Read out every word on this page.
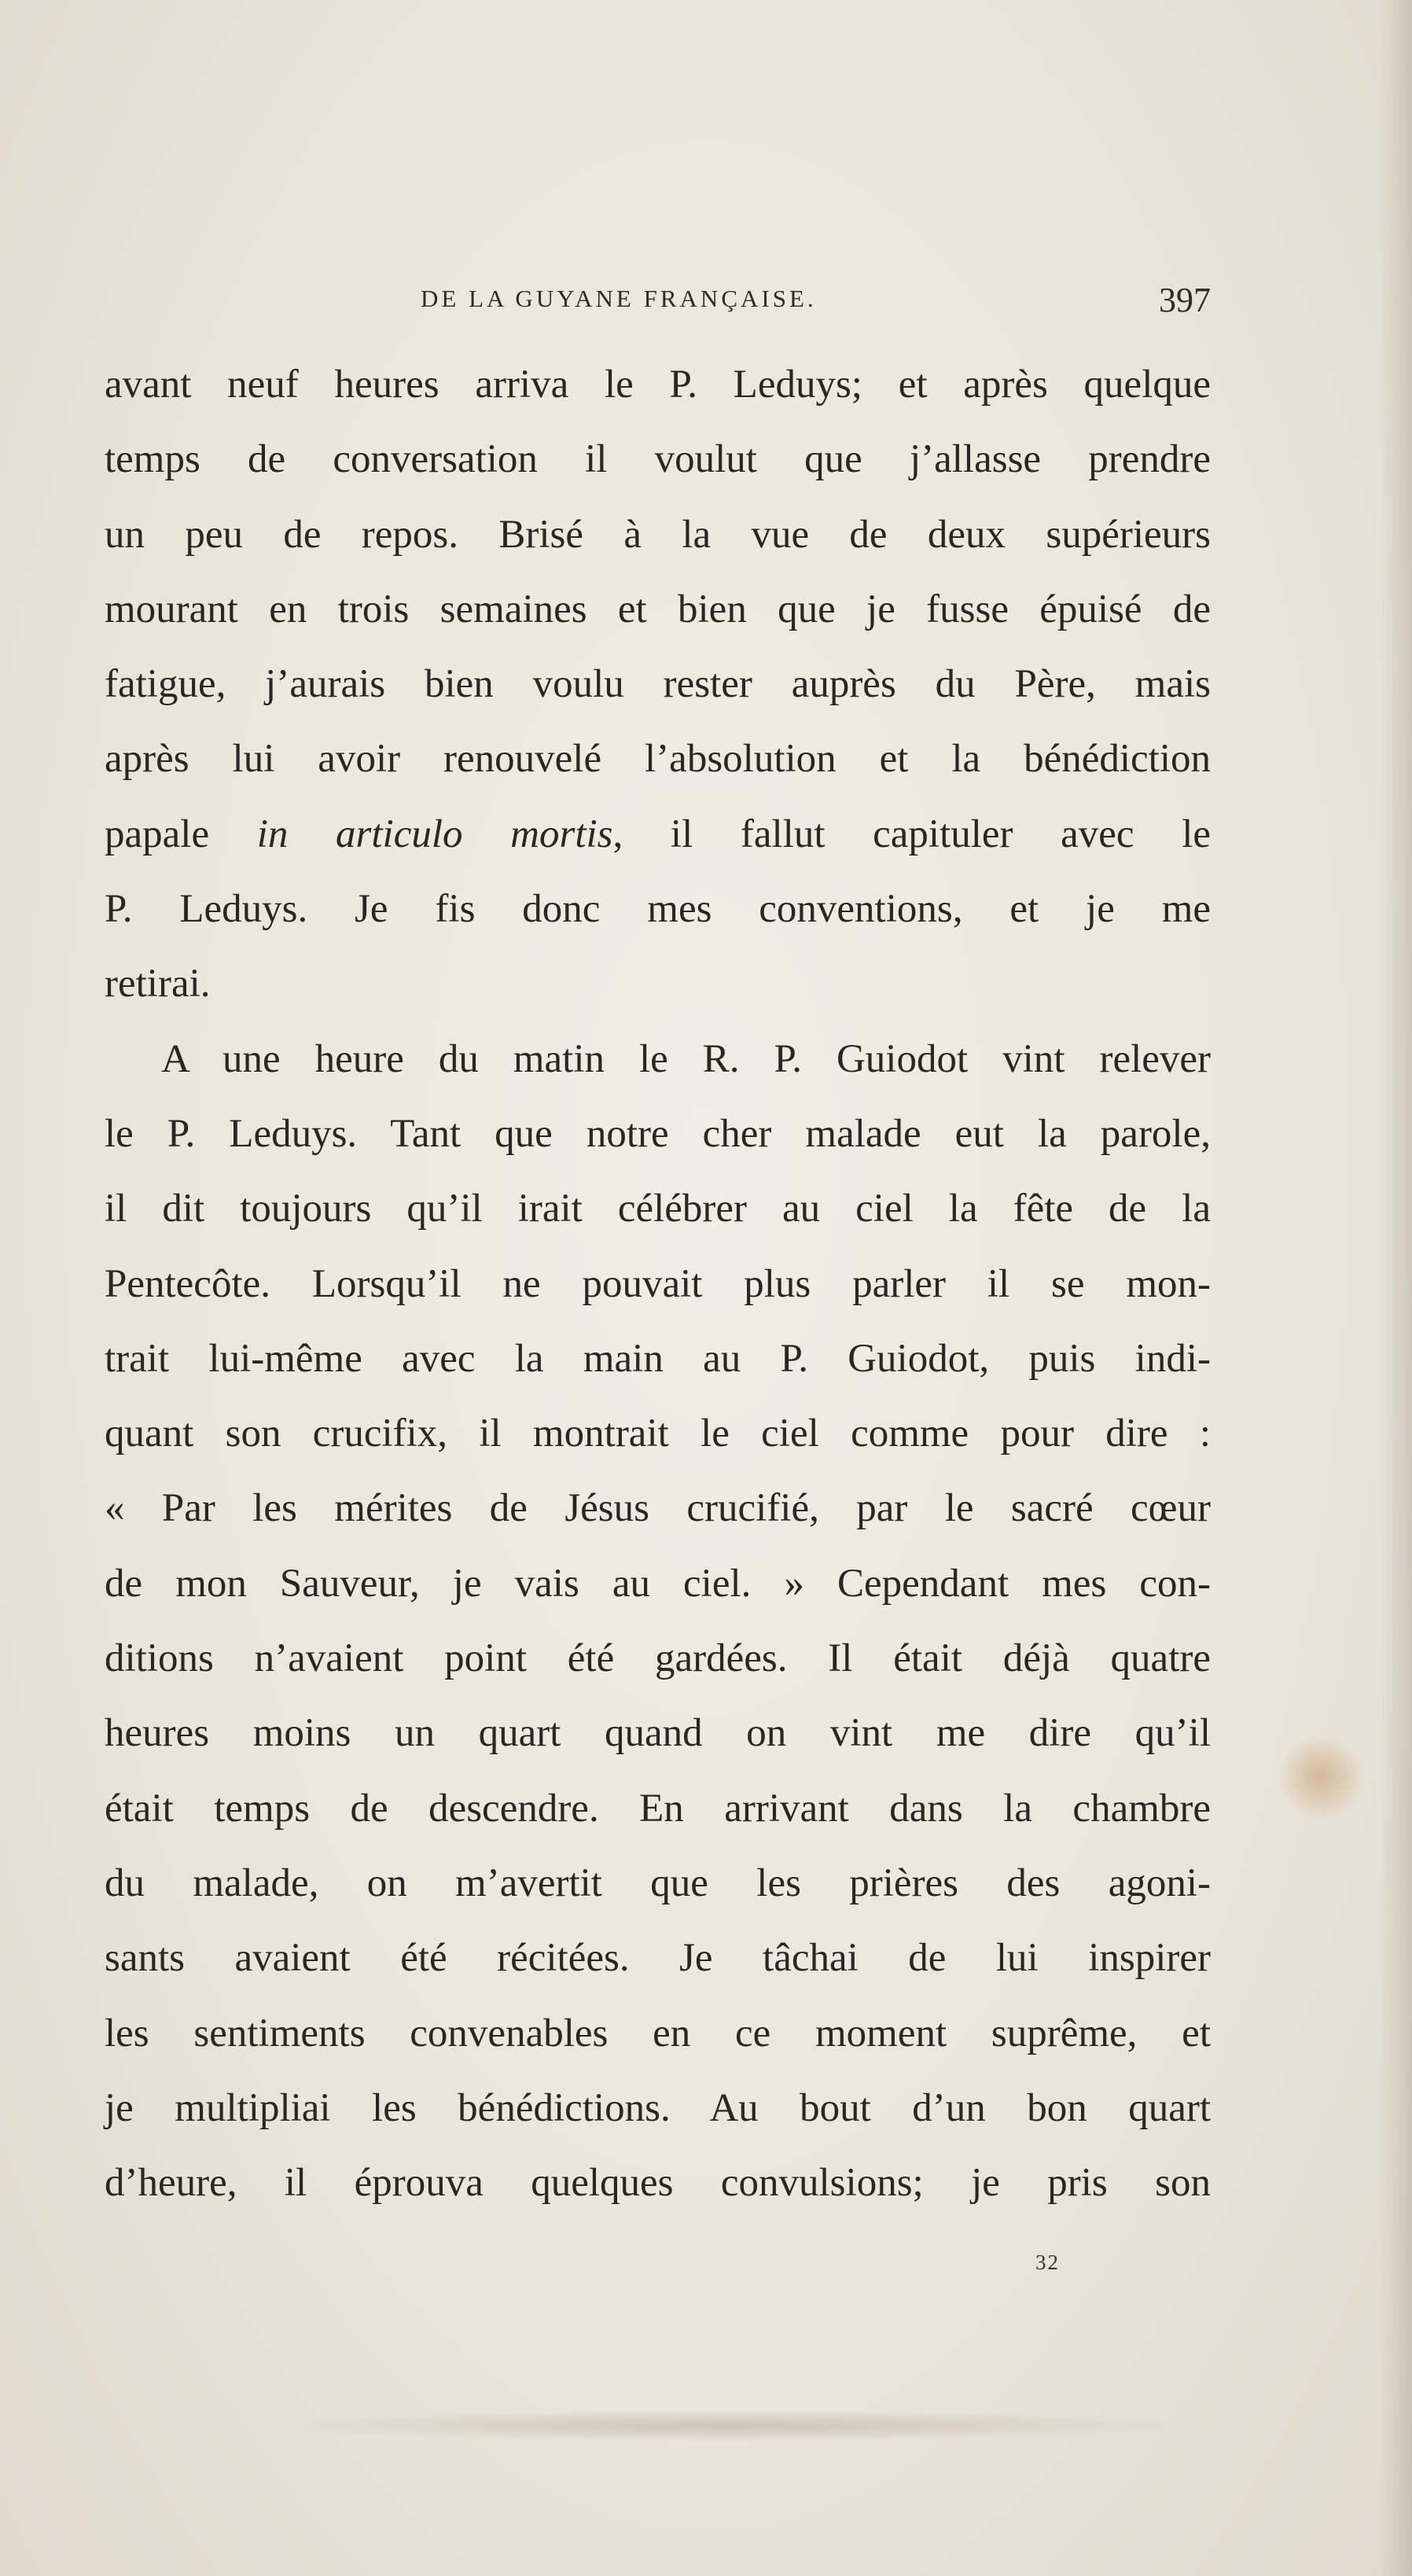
DE LA GUYANE FRANÇAISE.	397
avant neuf heures arriva le P. Leduys; et après quelque
temps de conversation il voulut que j’allasse prendre
un peu de repos. Brisé à la vue de deux supérieurs
mourant en trois semaines et bien que je fusse épuisé de
fatigue, j’aurais bien voulu rester auprès du Père, mais
après lui avoir renouvelé l’absolution et la bénédiction
papale in articulo mortis, il fallut capituler avec le
P. Leduys. Je fis donc mes conventions, et je me
retirai.
A une heure du matin le R. P. Guiodot vint relever
le P. Leduys. Tant que notre cher malade eut la parole,
il dit toujours qu’il irait célébrer au ciel la fête de la
Pentecôte. Lorsqu’il ne pouvait plus parler il se mon-
trait lui-même avec la main au P. Guiodot, puis indi-
quant son crucifix, il montrait le ciel comme pour dire :
« Par les mérites de Jésus crucifié, par le sacré cœur
de mon Sauveur, je vais au ciel. » Cependant mes con-
ditions n’avaient point été gardées. Il était déjà quatre
heures moins un quart quand on vint me dire qu’il
était temps de descendre. En arrivant dans la chambre
du malade, on m’avertit que les prières des agoni-
sants avaient été récitées. Je tâchai de lui inspirer
les sentiments convenables en ce moment suprême, et
je multipliai les bénédictions. Au bout d’un bon quart
d’heure, il éprouva quelques convulsions; je pris son
32
